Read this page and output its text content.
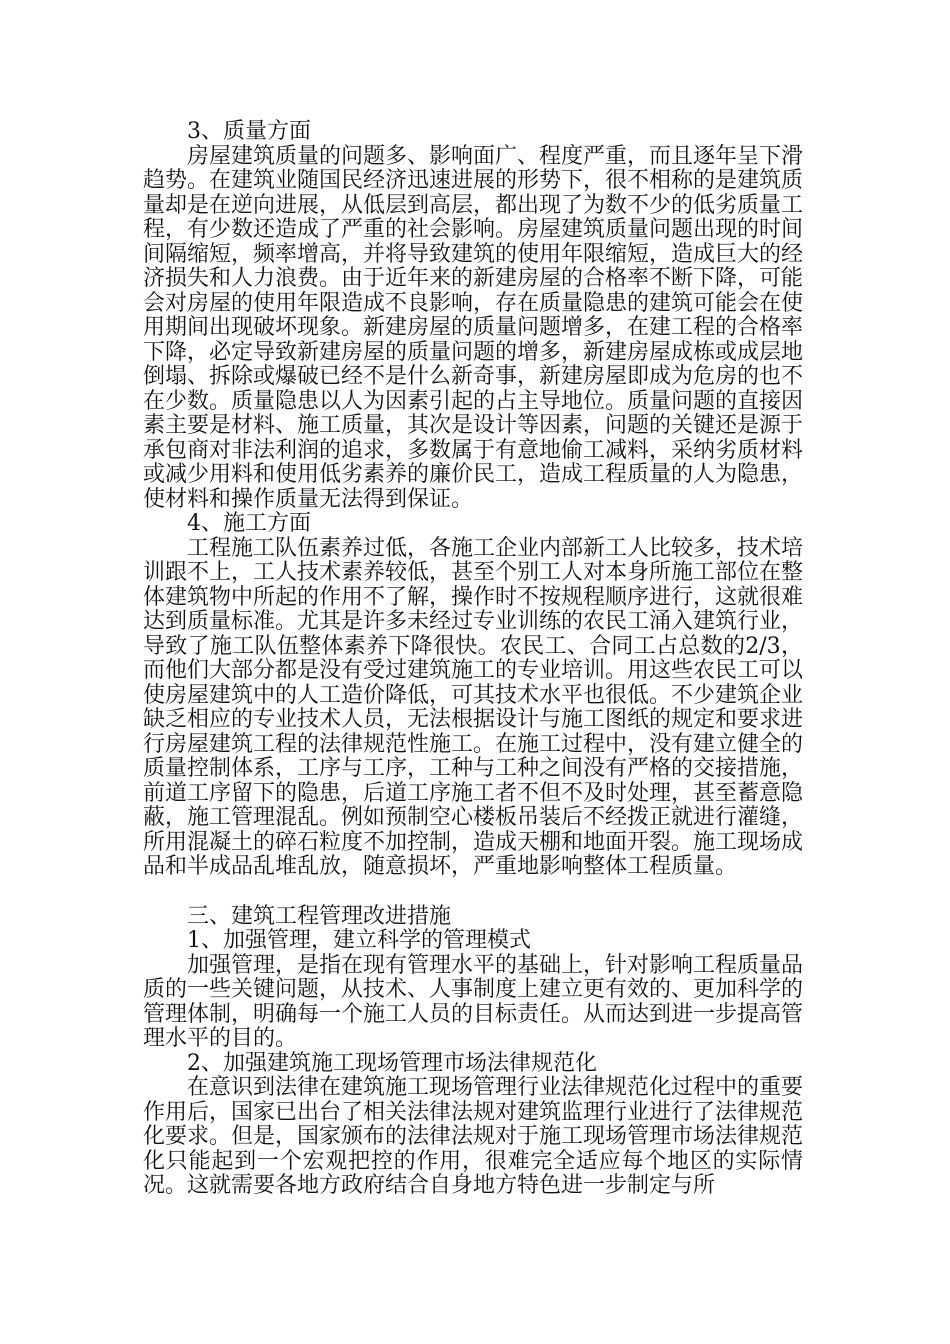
3、质量方面

房屋建筑质量的问题多、影响面广、程度严重，而且逐年呈下滑趋势。在建筑业随国民经济迅速进展的形势下，很不相称的是建筑质量却是在逆向进展，从低层到高层，都出现了为数不少的低劣质量工程，有少数还造成了严重的社会影响。房屋建筑质量问题出现的时间间隔缩短，频率增高，并将导致建筑的使用年限缩短，造成巨大的经济损失和人力浪费。由于近年来的新建房屋的合格率不断下降，可能会对房屋的使用年限造成不良影响，存在质量隐患的建筑可能会在使用期间出现破坏现象。新建房屋的质量问题增多，在建工程的合格率下降，必定导致新建房屋的质量问题的增多，新建房屋成栋或成层地倒塌、拆除或爆破已经不是什么新奇事，新建房屋即成为危房的也不在少数。质量隐患以人为因素引起的占主导地位。质量问题的直接因素主要是材料、施工质量，其次是设计等因素，问题的关键还是源于承包商对非法利润的追求，多数属于有意地偷工减料，采纳劣质材料或减少用料和使用低劣素养的廉价民工，造成工程质量的人为隐患，使材料和操作质量无法得到保证。

4、施工方面

工程施工队伍素养过低，各施工企业内部新工人比较多，技术培训跟不上，工人技术素养较低，甚至个别工人对本身所施工部位在整体建筑物中所起的作用不了解，操作时不按规程顺序进行，这就很难达到质量标准。尤其是许多未经过专业训练的农民工涌入建筑行业，导致了施工队伍整体素养下降很快。农民工、合同工占总数的2/3，而他们大部分都是没有受过建筑施工的专业培训。用这些农民工可以使房屋建筑中的人工造价降低，可其技术水平也很低。不少建筑企业缺乏相应的专业技术人员，无法根据设计与施工图纸的规定和要求进行房屋建筑工程的法律规范性施工。在施工过程中，没有建立健全的质量控制体系，工序与工序，工种与工种之间没有严格的交接措施，前道工序留下的隐患，后道工序施工者不但不及时处理，甚至蓄意隐蔽，施工管理混乱。例如预制空心楼板吊装后不经拨正就进行灌缝，所用混凝土的碎石粒度不加控制，造成天棚和地面开裂。施工现场成品和半成品乱堆乱放，随意损坏，严重地影响整体工程质量。

三、建筑工程管理改进措施

1、加强管理，建立科学的管理模式

加强管理，是指在现有管理水平的基础上，针对影响工程质量品质的一些关键问题，从技术、人事制度上建立更有效的、更加科学的管理体制，明确每一个施工人员的目标责任。从而达到进一步提高管理水平的目的。

2、加强建筑施工现场管理市场法律规范化

在意识到法律在建筑施工现场管理行业法律规范化过程中的重要作用后，国家已出台了相关法律法规对建筑监理行业进行了法律规范化要求。但是，国家颁布的法律法规对于施工现场管理市场法律规范化只能起到一个宏观把控的作用，很难完全适应每个地区的实际情况。这就需要各地方政府结合自身地方特色进一步制定与所
